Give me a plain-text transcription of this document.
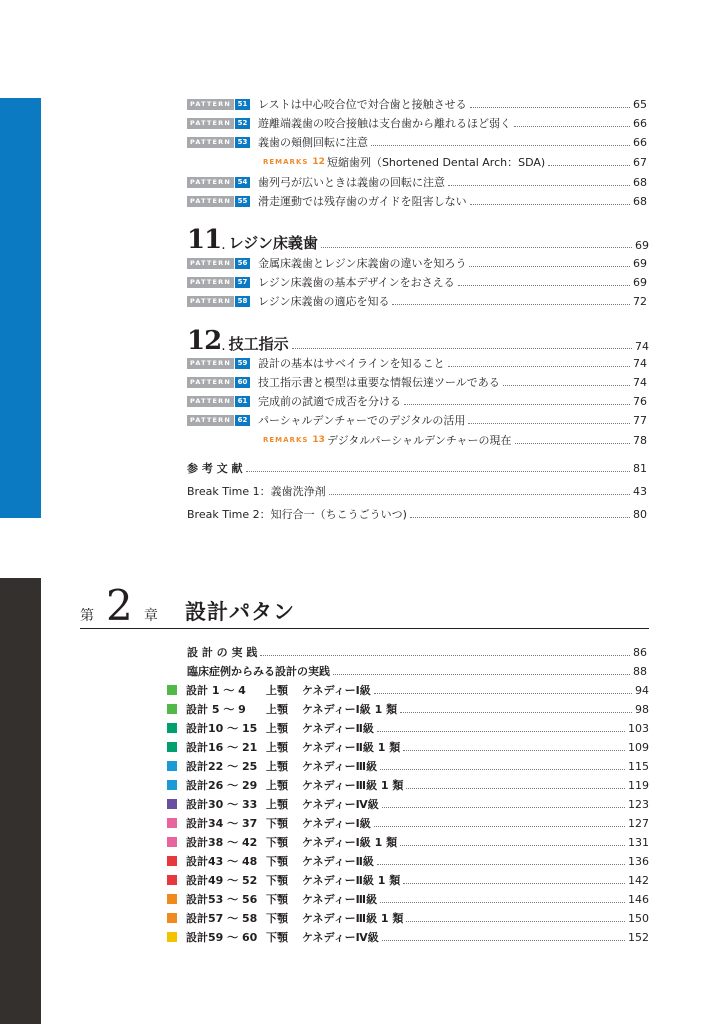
PATTERN 51 レストは中心咬合位で対合歯と接触させる	65
PATTERN 52 遊離端義歯の咬合接触は支台歯から離れるほど弱く	66
PATTERN 53 義歯の頬側回転に注意	66
REMARKS 12 短縮歯列（Shortened Dental Arch：SDA)	67
PATTERN 54 歯列弓が広いときは義歯の回転に注意	68
PATTERN 55 滑走運動では残存歯のガイドを阻害しない	68
11 . レジン床義歯	69
PATTERN 56 金属床義歯とレジン床義歯の違いを知ろう	69
PATTERN 57 レジン床義歯の基本デザインをおさえる	69
PATTERN 58 レジン床義歯の適応を知る	72
12 . 技工指示	74
PATTERN 59 設計の基本はサベイラインを知ること	74
PATTERN 60 技工指示書と模型は重要な情報伝達ツールである	74
PATTERN 61 完成前の試適で成否を分ける	76
PATTERN 62 パーシャルデンチャーでのデジタルの活用	77
REMARKS 13 デジタルパーシャルデンチャーの現在	78
参 考 文 献	81
Break Time 1：義歯洗浄剤	43
Break Time 2：知行合一（ちこうごういつ)	80
第 2 章 設計パタン
設 計 の 実 践	86
臨床症例からみる設計の実践	88
設計 1 〜 4	上顎	ケネディーⅠ級	94
設計 5 〜 9	上顎	ケネディーⅠ級 1 類	98
設計10 〜 15 上顎	ケネディーⅡ級	103
設計16 〜 21 上顎	ケネディーⅡ級 1 類	109
設計22 〜 25 上顎	ケネディーⅢ級	115
設計26 〜 29 上顎	ケネディーⅢ級 1 類	119
設計30 〜 33 上顎	ケネディーⅣ級	123
設計34 〜 37 下顎	ケネディーⅠ級	127
設計38 〜 42 下顎	ケネディーⅠ級 1 類	131
設計43 〜 48 下顎	ケネディーⅡ級	136
設計49 〜 52 下顎	ケネディーⅡ級 1 類	142
設計53 〜 56 下顎	ケネディーⅢ級	146
設計57 〜 58 下顎	ケネディーⅢ級 1 類	150
設計59 〜 60 下顎	ケネディーⅣ級	152
